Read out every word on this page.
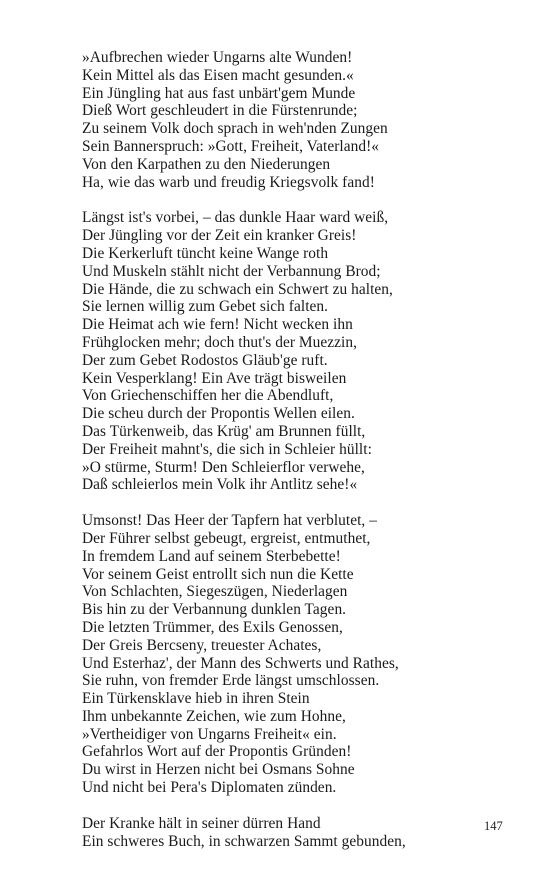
»Aufbrechen wieder Ungarns alte Wunden!
Kein Mittel als das Eisen macht gesunden.«
Ein Jüngling hat aus fast unbärt'gem Munde
Dieß Wort geschleudert in die Fürstenrunde;
Zu seinem Volk doch sprach in weh'nden Zungen
Sein Bannerspruch: »Gott, Freiheit, Vaterland!«
Von den Karpathen zu den Niederungen
Ha, wie das warb und freudig Kriegsvolk fand!
Längst ist's vorbei, – das dunkle Haar ward weiß,
Der Jüngling vor der Zeit ein kranker Greis!
Die Kerkerluft tüncht keine Wange roth
Und Muskeln stählt nicht der Verbannung Brod;
Die Hände, die zu schwach ein Schwert zu halten,
Sie lernen willig zum Gebet sich falten.
Die Heimat ach wie fern! Nicht wecken ihn
Frühglocken mehr; doch thut's der Muezzin,
Der zum Gebet Rodostos Gläub'ge ruft.
Kein Vesperklang! Ein Ave trägt bisweilen
Von Griechenschiffen her die Abendluft,
Die scheu durch der Propontis Wellen eilen.
Das Türkenweib, das Krüg' am Brunnen füllt,
Der Freiheit mahnt's, die sich in Schleier hüllt:
»O stürme, Sturm! Den Schleierflor verwehe,
Daß schleierlos mein Volk ihr Antlitz sehe!«
Umsonst! Das Heer der Tapfern hat verblutet, –
Der Führer selbst gebeugt, ergreist, entmuthet,
In fremdem Land auf seinem Sterbebette!
Vor seinem Geist entrollt sich nun die Kette
Von Schlachten, Siegeszügen, Niederlagen
Bis hin zu der Verbannung dunklen Tagen.
Die letzten Trümmer, des Exils Genossen,
Der Greis Bercseny, treuester Achates,
Und Esterhaz', der Mann des Schwerts und Rathes,
Sie ruhn, von fremder Erde längst umschlossen.
Ein Türkensklave hieb in ihren Stein
Ihm unbekannte Zeichen, wie zum Hohne,
»Vertheidiger von Ungarns Freiheit« ein.
Gefahrlos Wort auf der Propontis Gründen!
Du wirst in Herzen nicht bei Osmans Sohne
Und nicht bei Pera's Diplomaten zünden.
Der Kranke hält in seiner dürren Hand
Ein schweres Buch, in schwarzen Sammt gebunden,
147
